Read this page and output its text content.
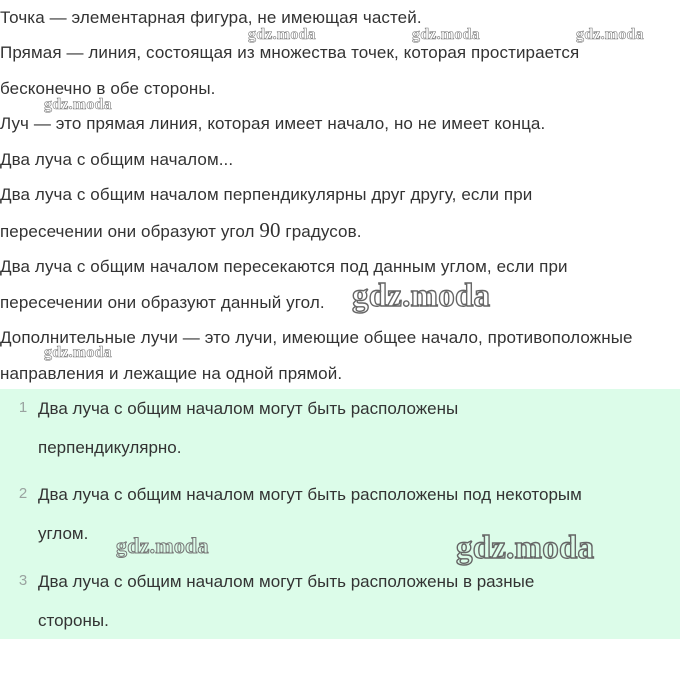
Точка — элементарная фигура, не имеющая частей.

Прямая — линия, состоящая из множества точек, которая простирается

бесконечно в обе стороны.

Луч — это прямая линия, которая имеет начало, но не имеет конца.

Два луча с общим началом...

Два луча с общим началом перпендикулярны друг другу, если при

пересечении они образуют угол 90 градусов.

Два луча с общим началом пересекаются под данным углом, если при

пересечении они образуют данный угол.

Дополнительные лучи — это лучи, имеющие общее начало, противоположные

направления и лежащие на одной прямой.

1 Два луча с общим началом могут быть расположены
перпендикулярно.
2 Два луча с общим началом могут быть расположены под некоторым
углом.
3 Два луча с общим началом могут быть расположены в разные
стороны.
gdz.moda	gdz.moda	gdz.moda
gdz.moda
gdz.moda
gdz.moda
gdz.moda	gdz.moda
